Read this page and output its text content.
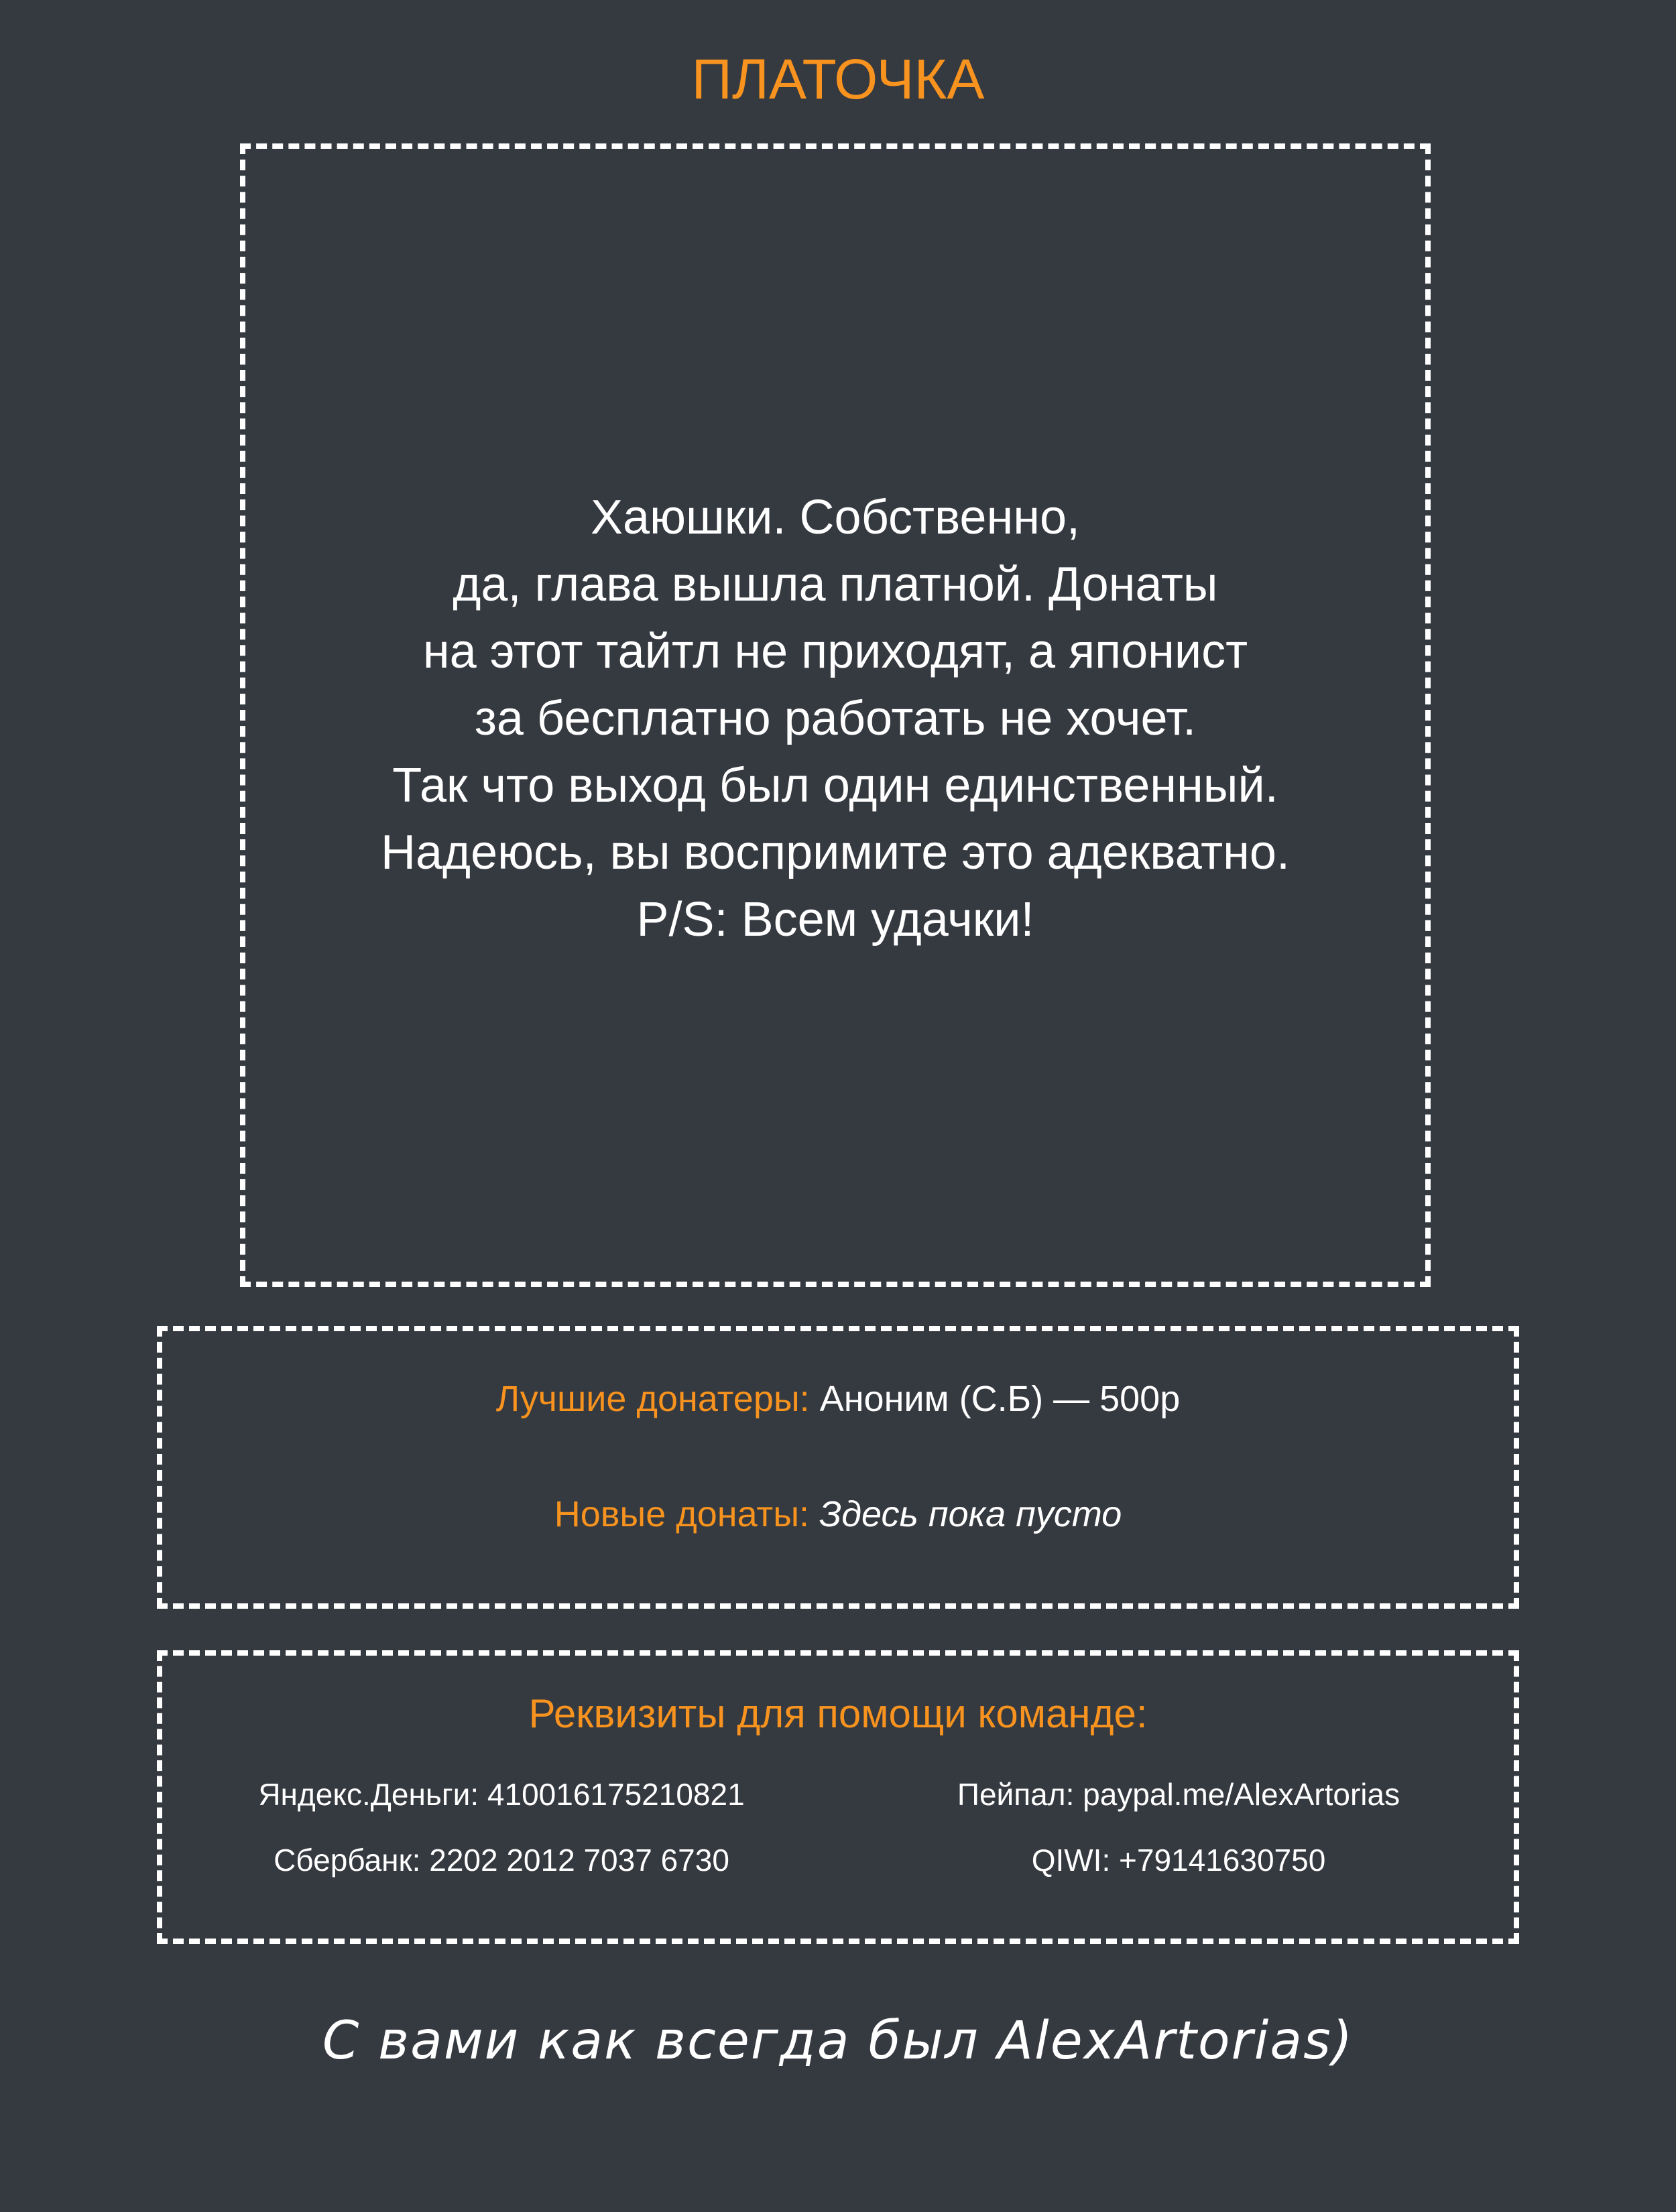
ПЛАТОЧКА
Хаюшки. Собственно,
да, глава вышла платной. Донаты
на этот тайтл не приходят, а японист
за бесплатно работать не хочет.
Так что выход был один единственный.
Надеюсь, вы воспримите это адекватно.
P/S: Всем удачки!
Лучшие донатеры: Аноним (С.Б) — 500р
Новые донаты: Здесь пока пусто
Реквизиты для помощи команде:
Яндекс.Деньги: 410016175210821	Пейпал: paypal.me/AlexArtorias
Сбербанк: 2202 2012 7037 6730	QIWI: +79141630750
С вами как всегда был AlexArtorias)
